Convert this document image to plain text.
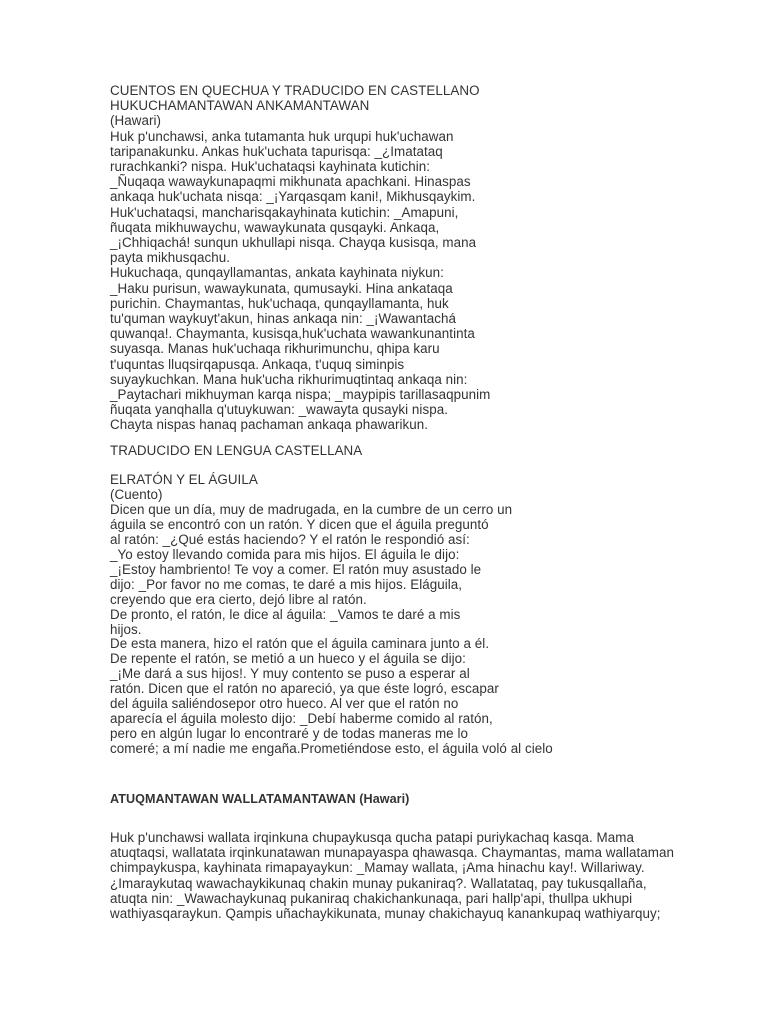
CUENTOS EN QUECHUA Y TRADUCIDO EN CASTELLANO
HUKUCHAMANTAWAN ANKAMANTAWAN
(Hawari)
Huk p'unchawsi, anka tutamanta huk urqupi huk'uchawan
taripanakunku. Ankas huk'uchata tapurisqa: _¿Imatataq
rurachkanki? nispa. Huk'uchataqsi kayhinata kutichin:
_Ñuqaqa wawaykunapaqmi mikhunata apachkani. Hinaspas
ankaqa huk'uchata nisqa: _¡Yarqasqam kani!, Mikhusqaykim.
Huk'uchataqsi, mancharisqakayhinata kutichin: _Amapuni,
ñuqata mikhuwaychu, wawaykunata qusqayki. Ankaqa,
_¡Chhiqachá! sunqun ukhullapi nisqa. Chayqa kusisqa, mana
payta mikhusqachu.
Hukuchaqa, qunqayllamantas, ankata kayhinata niykun:
_Haku purisun, wawaykunata, qumusayki. Hina ankataqa
purichin. Chaymantas, huk'uchaqa, qunqayllamanta, huk
tu'quman waykuyt'akun, hinas ankaqa nin: _¡Wawantachá
quwanqa!. Chaymanta, kusisqa,huk'uchata wawankunantinta
suyasqa. Manas huk'uchaqa rikhurimunchu, qhipa karu
t'uquntas lluqsirqapusqa. Ankaqa, t'uquq siminpis
suyaykuchkan. Mana huk'ucha rikhurimuqtintaq ankaqa nin:
_Paytachari mikhuyman karqa nispa; _maypipis tarillasaqpunim
ñuqata yanqhalla q'utuykuwan: _wawayta qusayki nispa.
Chayta nispas hanaq pachaman ankaqa phawarikun.
TRADUCIDO EN LENGUA CASTELLANA
ELRATÓN Y EL ÁGUILA
(Cuento)
Dicen que un día, muy de madrugada, en la cumbre de un cerro un
águila se encontró con un ratón. Y dicen que el águila preguntó
al ratón: _¿Qué estás haciendo? Y el ratón le respondió así:
_Yo estoy llevando comida para mis hijos. El águila le dijo:
_¡Estoy hambriento! Te voy a comer. El ratón muy asustado le
dijo: _Por favor no me comas, te daré a mis hijos. Eláguila,
creyendo que era cierto, dejó libre al ratón.
De pronto, el ratón, le dice al águila: _Vamos te daré a mis
hijos.
De esta manera, hizo el ratón que el águila caminara junto a él.
De repente el ratón, se metió a un hueco y el águila se dijo:
_¡Me dará a sus hijos!. Y muy contento se puso a esperar al
ratón. Dicen que el ratón no apareció, ya que éste logró, escapar
del águila saliéndosepor otro hueco. Al ver que el ratón no
aparecía el águila molesto dijo: _Debí haberme comido al ratón,
pero en algún lugar lo encontraré y de todas maneras me lo
comeré; a mí nadie me engaña.Prometiéndose esto, el águila voló al cielo
ATUQMANTAWAN WALLATAMANTAWAN (Hawari)
Huk p'unchawsi wallata irqinkuna chupaykusqa qucha patapi puriykachaq kasqa. Mama
atuqtaqsi, wallatata irqinkunatawan munapayaspa qhawasqa. Chaymantas, mama wallataman
chimpaykuspa, kayhinata rimapayaykun: _Mamay wallata, ¡Ama hinachu kay!. Willariway.
¿Imaraykutaq wawachaykikunaq chakin munay pukaniraq?. Wallatataq, pay tukusqallaña,
atuqta nin: _Wawachaykunaq pukaniraq chakichankunaqa, pari hallp'api, thullpa ukhupi
wathiyasqaraykun. Qampis uñachaykikunata, munay chakichayuq kanankupaq wathiyarquy;
